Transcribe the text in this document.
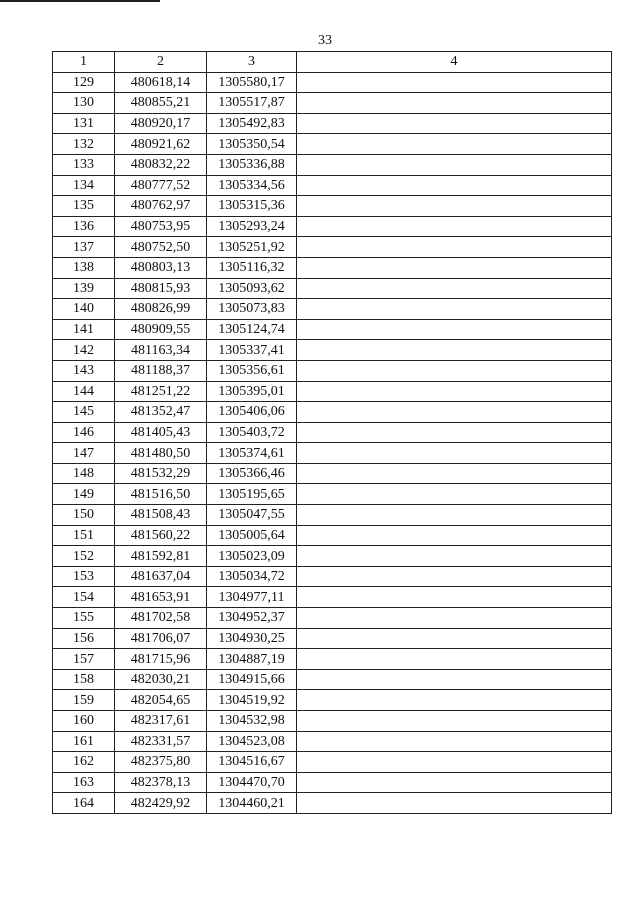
33
1	2	3	4
129	480618,14	1305580,17	
130	480855,21	1305517,87	
131	480920,17	1305492,83	
132	480921,62	1305350,54	
133	480832,22	1305336,88	
134	480777,52	1305334,56	
135	480762,97	1305315,36	
136	480753,95	1305293,24	
137	480752,50	1305251,92	
138	480803,13	1305116,32	
139	480815,93	1305093,62	
140	480826,99	1305073,83	
141	480909,55	1305124,74	
142	481163,34	1305337,41	
143	481188,37	1305356,61	
144	481251,22	1305395,01	
145	481352,47	1305406,06	
146	481405,43	1305403,72	
147	481480,50	1305374,61	
148	481532,29	1305366,46	
149	481516,50	1305195,65	
150	481508,43	1305047,55	
151	481560,22	1305005,64	
152	481592,81	1305023,09	
153	481637,04	1305034,72	
154	481653,91	1304977,11	
155	481702,58	1304952,37	
156	481706,07	1304930,25	
157	481715,96	1304887,19	
158	482030,21	1304915,66	
159	482054,65	1304519,92	
160	482317,61	1304532,98	
161	482331,57	1304523,08	
162	482375,80	1304516,67	
163	482378,13	1304470,70	
164	482429,92	1304460,21	
